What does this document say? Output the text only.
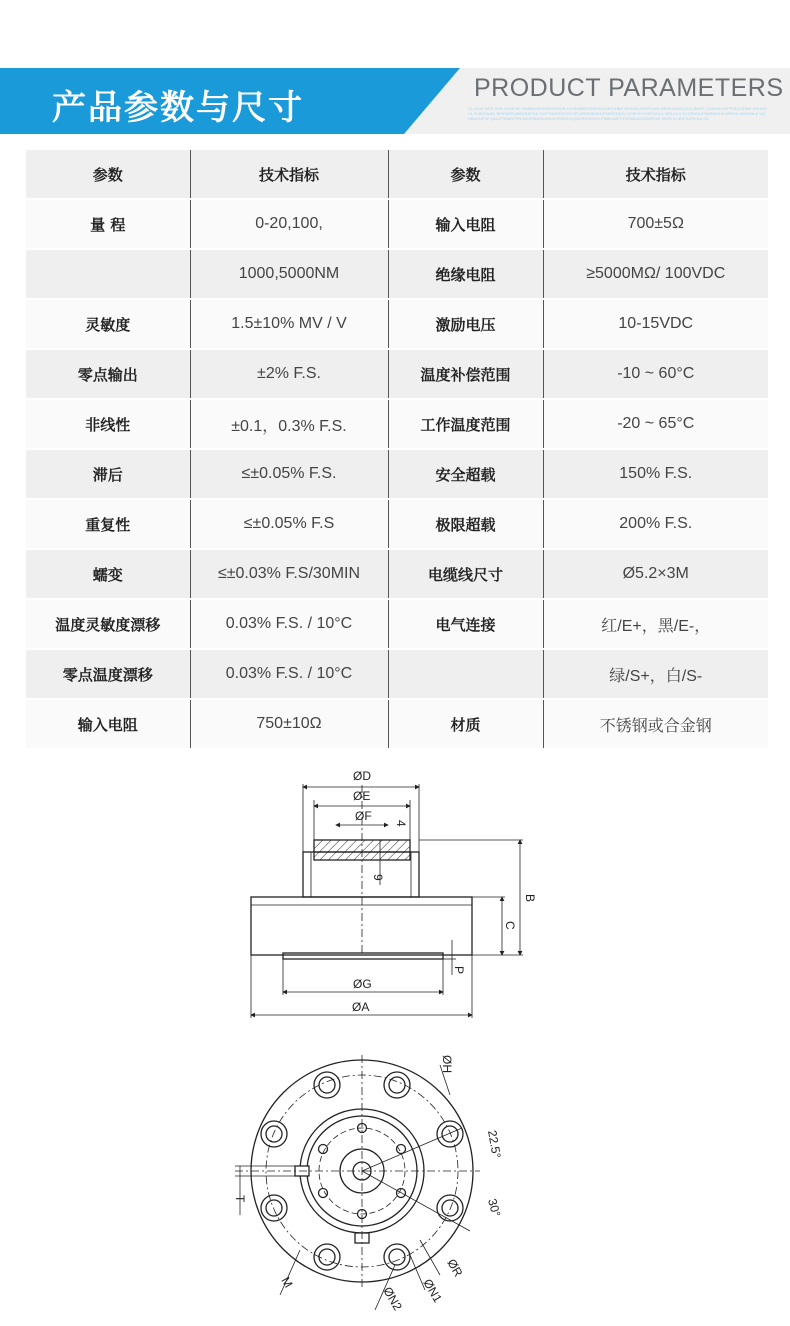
产品参数与尺寸	PRODUCT PARAMETERS
OL INDE BGE DHN DHGFKE DINBKMEDINBDIGROR DLHKMMESDISHIKUMEDHBR BKESDLRIDFDVISI BEDIGUIMQLEDLBMEF CDMWDVXFPSDLDDBR DHUNGHL FLBDNWAL BPIEBREJMEEDEFDD DCPTNDIRDFGGGFLNRDMENEDFSEDTHGIV OCBYR YOXFGHLS MRLKLO SYNRNQUPNBNEKHDHRESD WHIDNLA VQ HBADUPIIF QMUTRBBRPIRENDERBIRAIHDIDEISSEKHQVDSNDSESH-PNBKADFVTBOMGAGSDMFMD HERKIH ASPSORKAA SD
参数	技术指标	参数	技术指标
量 程	0-20,100,	输入电阻	700±5Ω
	1000,5000NM	绝缘电阻	≥5000MΩ/ 100VDC
灵敏度	1.5±10% MV / V	激励电压	10-15VDC
零点输出	±2% F.S.	温度补偿范围	-10 ~ 60°C
非线性	±0.1，0.3% F.S.	工作温度范围	-20 ~ 65°C
滞后	≤±0.05% F.S.	安全超载	150% F.S.
重复性	≤±0.05% F.S	极限超载	200% F.S.
蠕变	≤±0.03% F.S/30MIN	电缆线尺寸	Ø5.2×3M
温度灵敏度漂移	0.03% F.S. / 10°C	电气连接	红/E+，黑/E-，
零点温度漂移	0.03% F.S. / 10°C		绿/S+，白/S-
输入电阻	750±10Ω	材质	不锈钢或合金钢
ØD
ØE
ØF
4
9
B
C
P
ØG
ØA
ØH
22.5°
30°
T
ØR
ØN1
ØN2
M
